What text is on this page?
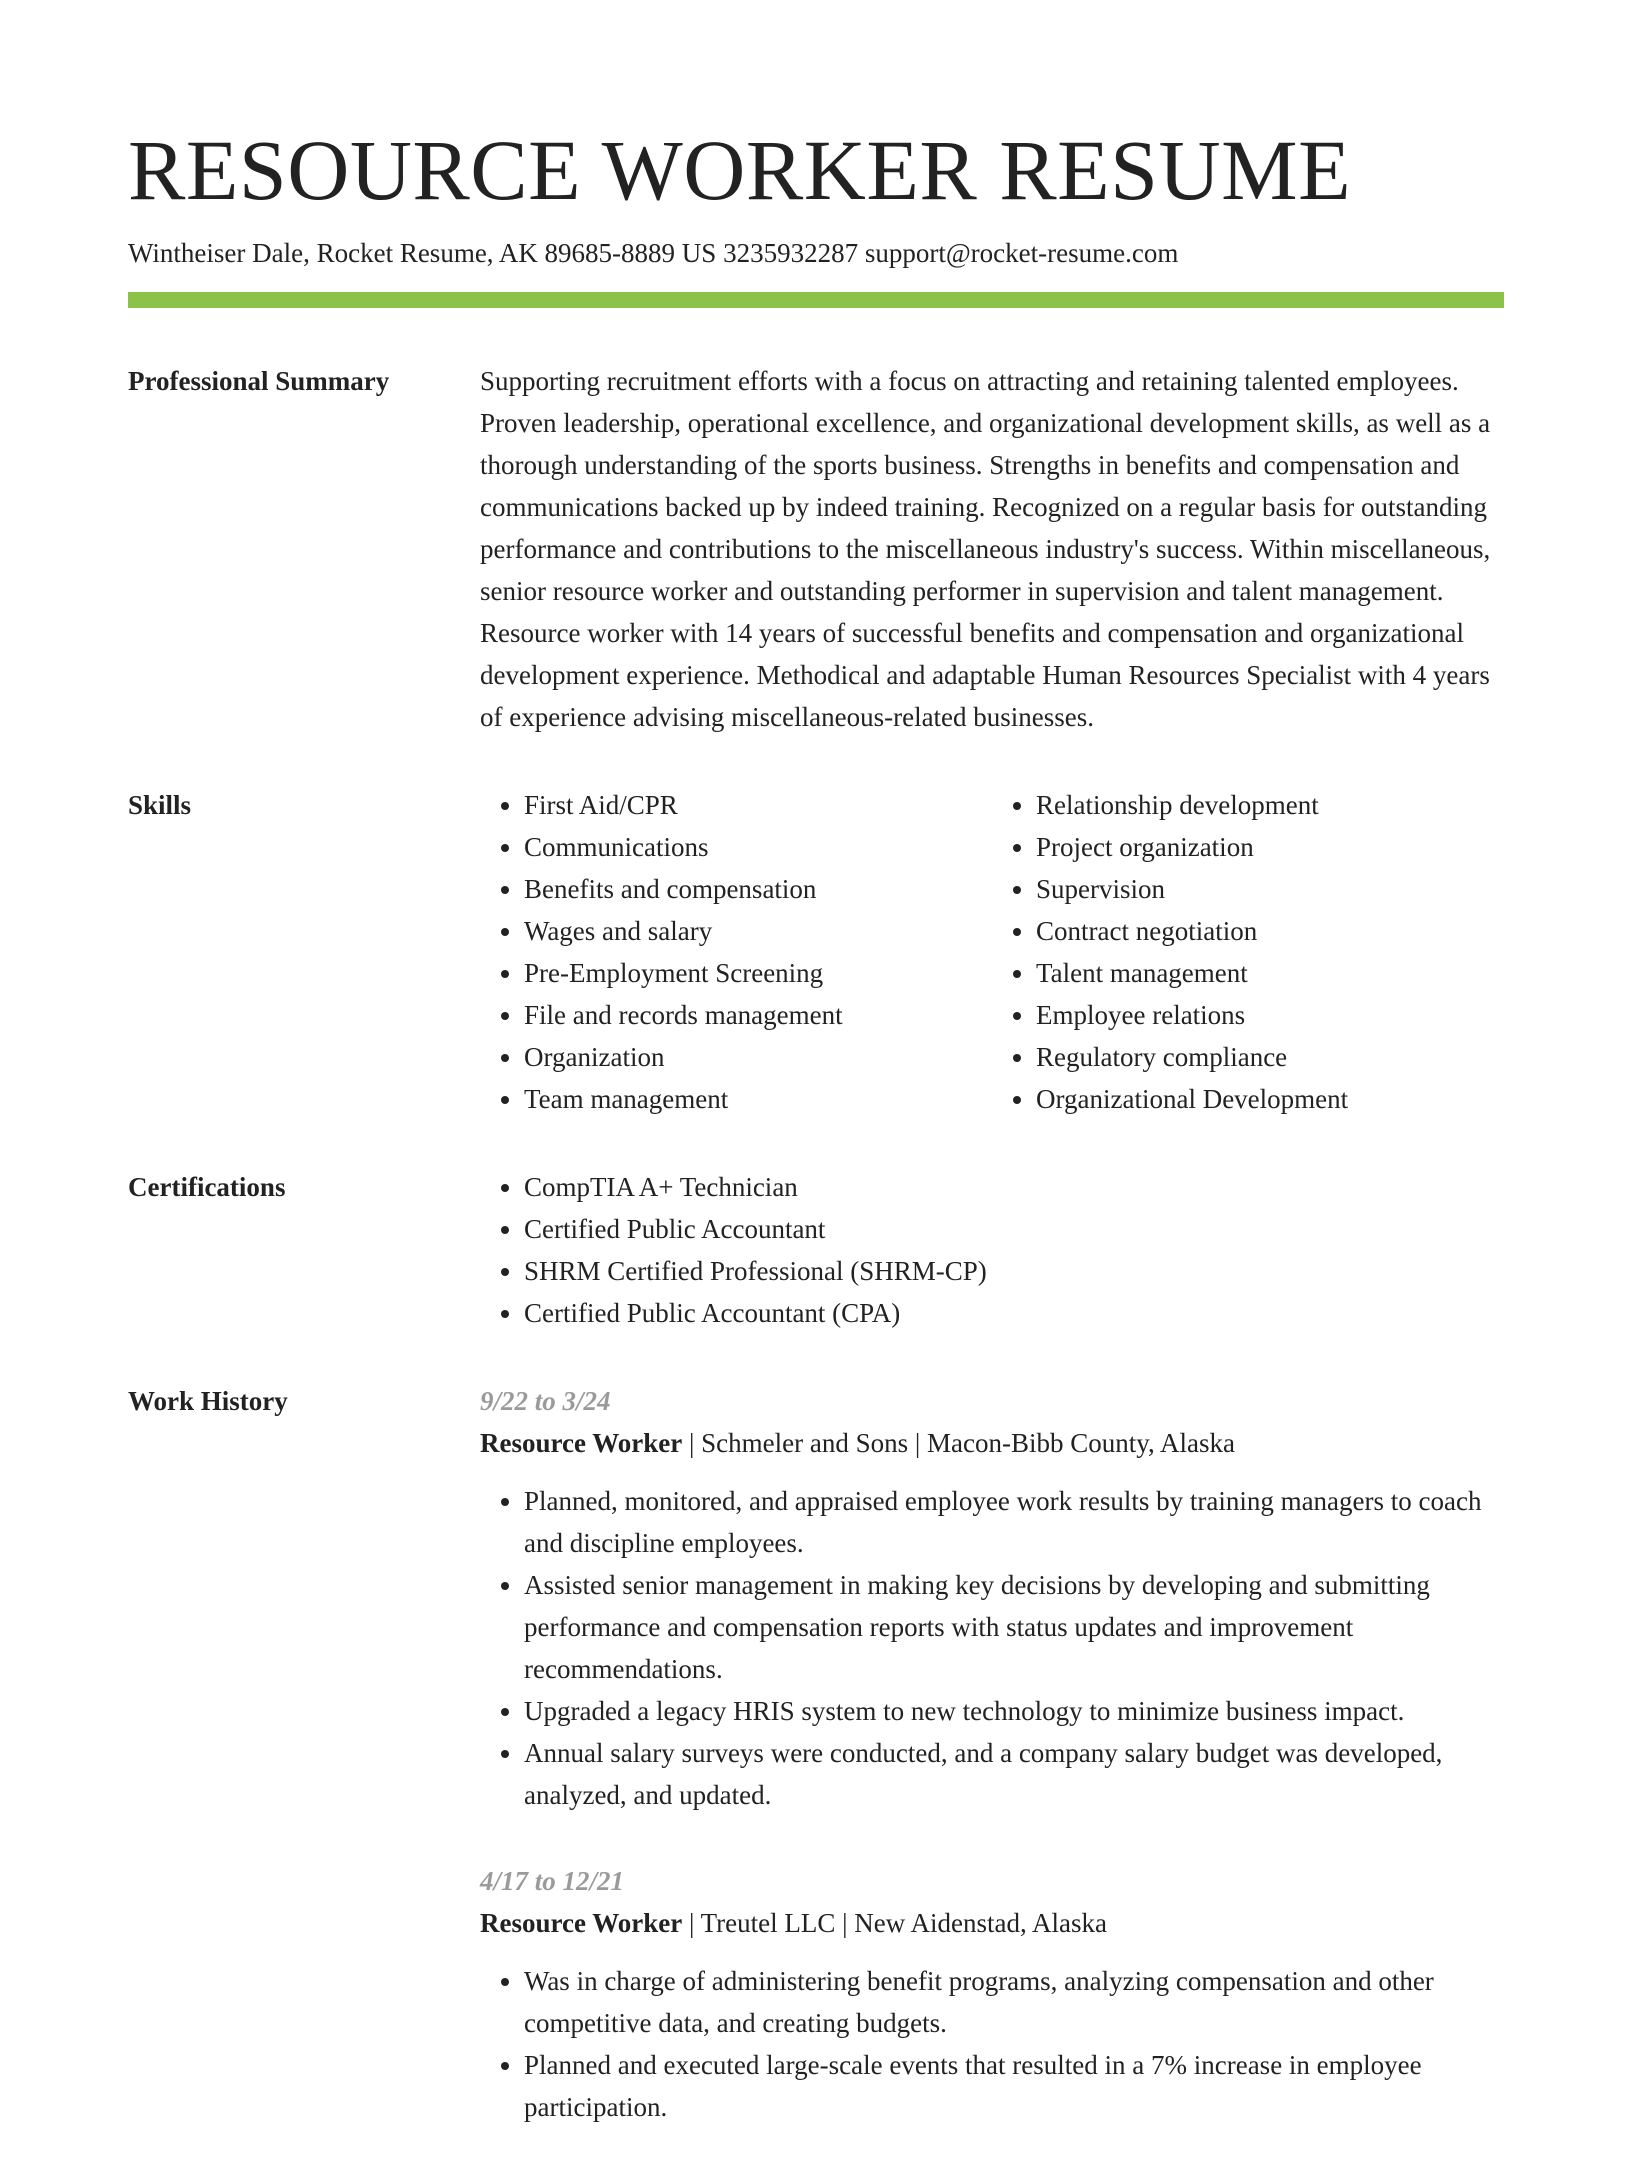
RESOURCE WORKER RESUME
Wintheiser Dale, Rocket Resume, AK 89685-8889 US 3235932287 support@rocket-resume.com
Professional Summary	Supporting recruitment efforts with a focus on attracting and retaining talented employees. Proven leadership, operational excellence, and organizational development skills, as well as a thorough understanding of the sports business. Strengths in benefits and compensation and communications backed up by indeed training. Recognized on a regular basis for outstanding performance and contributions to the miscellaneous industry's success. Within miscellaneous, senior resource worker and outstanding performer in supervision and talent management. Resource worker with 14 years of successful benefits and compensation and organizational development experience. Methodical and adaptable Human Resources Specialist with 4 years of experience advising miscellaneous-related businesses.

Skills	• First Aid/CPR
• Communications
• Benefits and compensation
• Wages and salary
• Pre-Employment Screening
• File and records management
• Organization
• Team management
• Relationship development
• Project organization
• Supervision
• Contract negotiation
• Talent management
• Employee relations
• Regulatory compliance
• Organizational Development
Certifications	• CompTIA A+ Technician
• Certified Public Accountant
• SHRM Certified Professional (SHRM-CP)
• Certified Public Accountant (CPA)
Work History	9/22 to 3/24
Resource Worker | Schmeler and Sons | Macon-Bibb County, Alaska
• Planned, monitored, and appraised employee work results by training managers to coach and discipline employees.
• Assisted senior management in making key decisions by developing and submitting performance and compensation reports with status updates and improvement recommendations.
• Upgraded a legacy HRIS system to new technology to minimize business impact.
• Annual salary surveys were conducted, and a company salary budget was developed, analyzed, and updated.
4/17 to 12/21
Resource Worker | Treutel LLC | New Aidenstad, Alaska
• Was in charge of administering benefit programs, analyzing compensation and other competitive data, and creating budgets.
• Planned and executed large-scale events that resulted in a 7% increase in employee participation.
